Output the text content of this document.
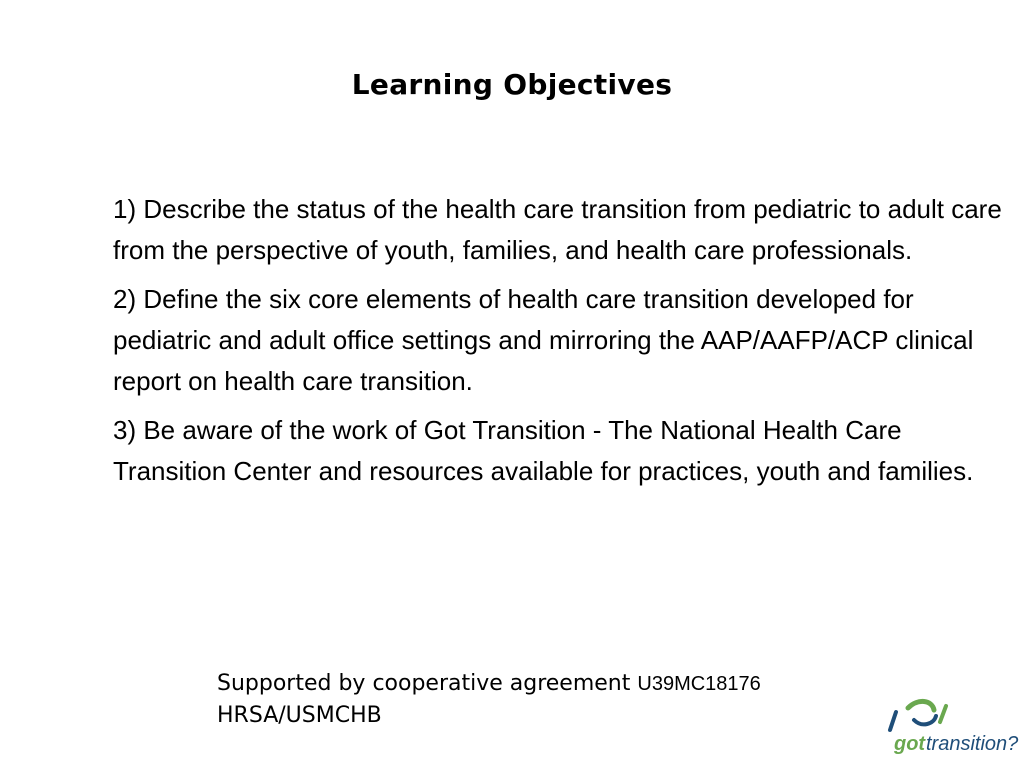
Learning Objectives

1) Describe the status of the health care transition from pediatric to adult care from the perspective of youth, families, and health care professionals.

2) Define the six core elements of health care transition developed for pediatric and adult office settings and mirroring the AAP/AAFP/ACP clinical report on health care transition.

3) Be aware of the work of Got Transition - The National Health Care Transition Center and resources available for practices, youth and families.

Supported by cooperative agreement U39MC18176
HRSA/USMCHB
got transition?
